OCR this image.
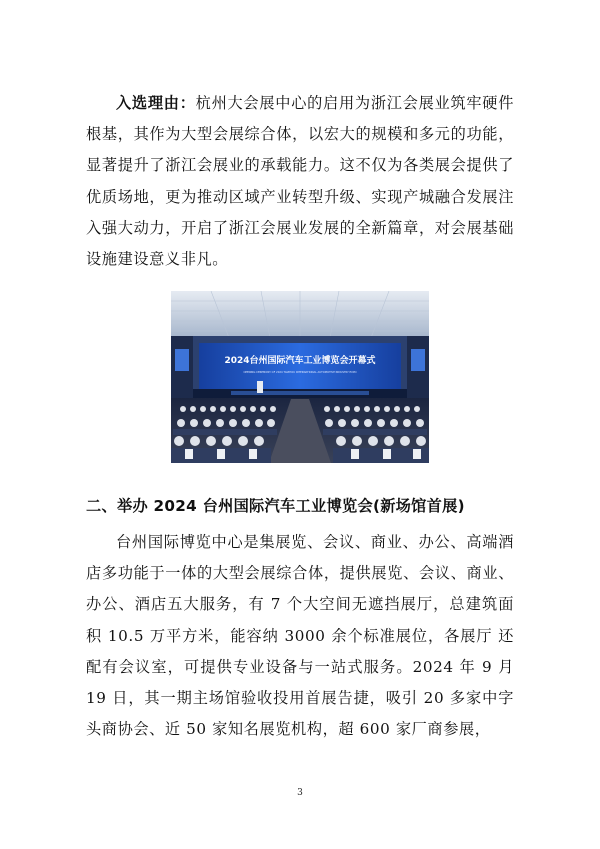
入选理由：杭州大会展中心的启用为浙江会展业筑牢硬件根基，其作为大型会展综合体，以宏大的规模和多元的功能，显著提升了浙江会展业的承载能力。这不仅为各类展会提供了优质场地，更为推动区域产业转型升级、实现产城融合发展注入强大动力，开启了浙江会展业发展的全新篇章，对会展基础设施建设意义非凡。

2024台州国际汽车工业博览会开幕式
OPENING CEREMONY OF 2024 TAIZHOU INTERNATIONAL AUTOMOTIVE INDUSTRY EXPO
二、举办 2024 台州国际汽车工业博览会(新场馆首展)

台州国际博览中心是集展览、会议、商业、办公、高端酒店多功能于一体的大型会展综合体，提供展览、会议、商业、办公、酒店五大服务，有 7 个大空间无遮挡展厅，总建筑面积 10.5 万平方米，能容纳 3000 余个标准展位，各展厅 还配有会议室，可提供专业设备与一站式服务。2024 年 9 月 19 日，其一期主场馆验收投用首展告捷，吸引 20 多家中字头商协会、近 50 家知名展览机构，超 600 家厂商参展，

3
